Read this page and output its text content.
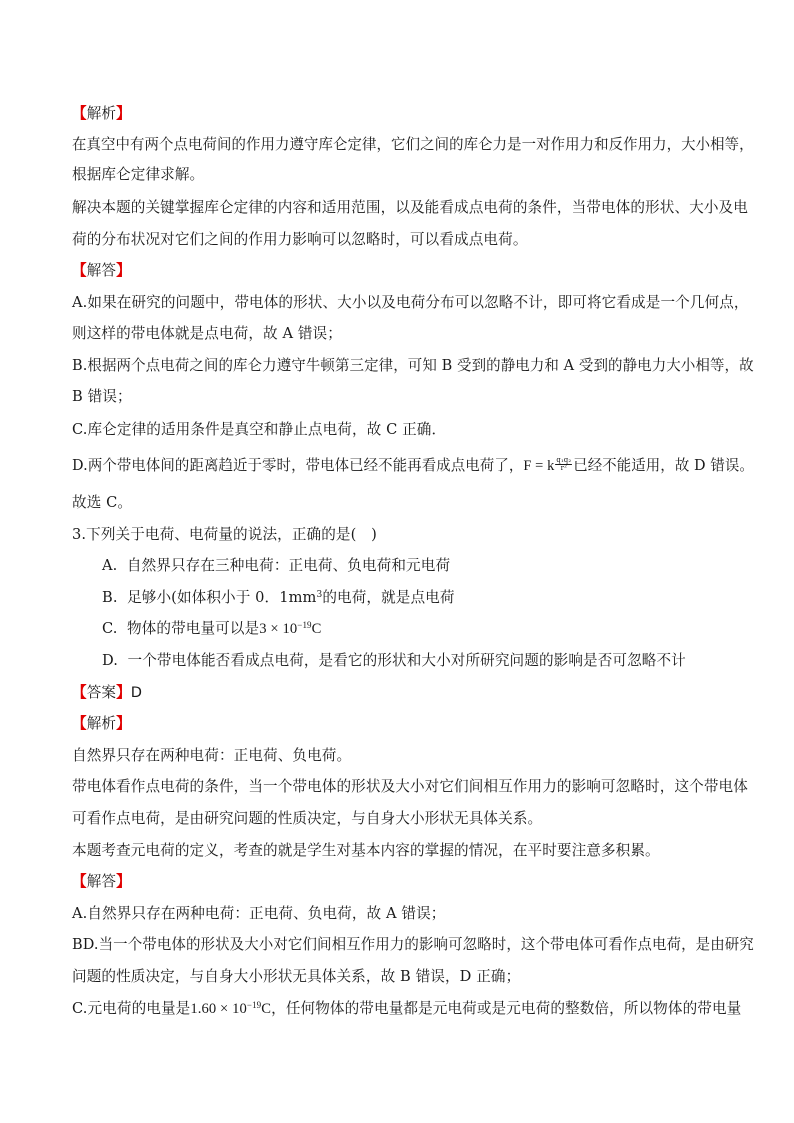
【解析】
在真空中有两个点电荷间的作用力遵守库仑定律，它们之间的库仑力是一对作用力和反作用力，大小相等，
根据库仑定律求解。
解决本题的关键掌握库仑定律的内容和适用范围，以及能看成点电荷的条件，当带电体的形状、大小及电
荷的分布状况对它们之间的作用力影响可以忽略时，可以看成点电荷。
【解答】
A.如果在研究的问题中，带电体的形状、大小以及电荷分布可以忽略不计，即可将它看成是一个几何点，
则这样的带电体就是点电荷，故 A 错误；
B.根据两个点电荷之间的库仑力遵守牛顿第三定律，可知 B 受到的静电力和 A 受到的静电力大小相等，故
B 错误；
C.库仑定律的适用条件是真空和静止点电荷，故 C 正确．
D.两个带电体间的距离趋近于零时，带电体已经不能再看成点电荷了，F = k $\frac{\text{q₁q₂}}{\text{r²}}$ 已经不能适用，故 D 错误。
故选 C。
3.下列关于电荷、电荷量的说法，正确的是(　)
A. 自然界只存在三种电荷：正电荷、负电荷和元电荷
B. 足够小(如体积小于 0．$1mm^3$的电荷，就是点电荷
C. 物体的带电量可以是$3 \times 10^{-19}C$
D. 一个带电体能否看成点电荷，是看它的形状和大小对所研究问题的影响是否可忽略不计
【答案】D
【解析】
自然界只存在两种电荷：正电荷、负电荷。
带电体看作点电荷的条件，当一个带电体的形状及大小对它们间相互作用力的影响可忽略时，这个带电体
可看作点电荷，是由研究问题的性质决定，与自身大小形状无具体关系。
本题考查元电荷的定义，考查的就是学生对基本内容的掌握的情况，在平时要注意多积累。
【解答】
A.自然界只存在两种电荷：正电荷、负电荷，故 A 错误；
BD.当一个带电体的形状及大小对它们间相互作用力的影响可忽略时，这个带电体可看作点电荷，是由研究
问题的性质决定，与自身大小形状无具体关系，故 B 错误，D 正确；
C.元电荷的电量是$1.60 \times 10^{-19}C$，任何物体的带电量都是元电荷或是元电荷的整数倍，所以物体的带电量
